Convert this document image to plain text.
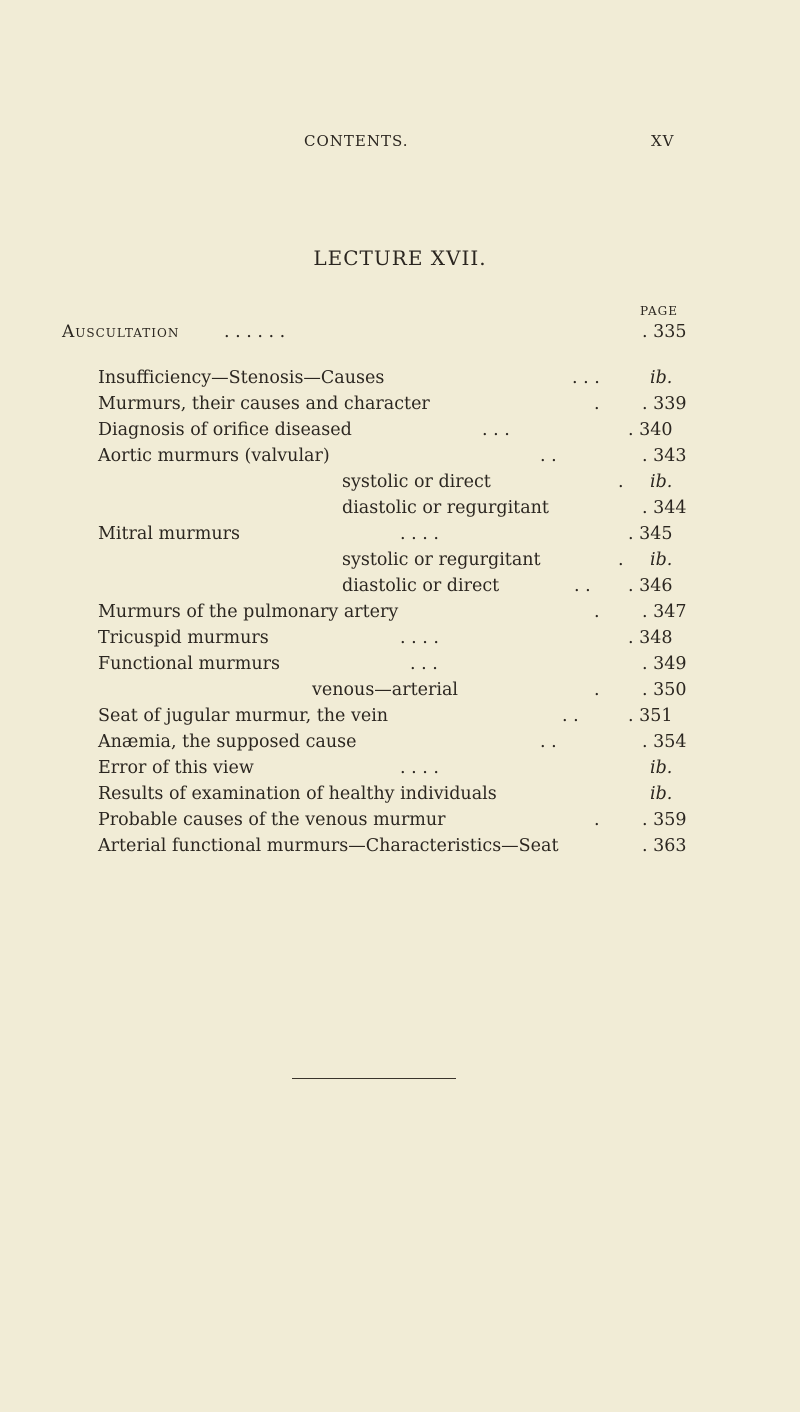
CONTENTS.	XV
LECTURE XVII.
PAGE
Auscultation	. . . . . .	. 335
Insufficiency—Stenosis—Causes	. . .	ib.
Murmurs, their causes and character	. . 339
Diagnosis of orifice diseased	. . .	. 340
Aortic murmurs (valvular)	. .	. 343
systolic or direct	. ib.
diastolic or regurgitant	. 344
Mitral murmurs	. . . .	. 345
systolic or regurgitant	. ib.
diastolic or direct	. . . 346
Murmurs of the pulmonary artery	. . 347
Tricuspid murmurs	. . . .	. 348
Functional murmurs	. . .	. 349
venous—arterial	. . 350
Seat of jugular murmur, the vein	. .	. 351
Anæmia, the supposed cause	. .	. 354
Error of this view	. . . .	ib.
Results of examination of healthy individuals	ib.
Probable causes of the venous murmur	. . 359
Arterial functional murmurs—Characteristics—Seat	. 363
